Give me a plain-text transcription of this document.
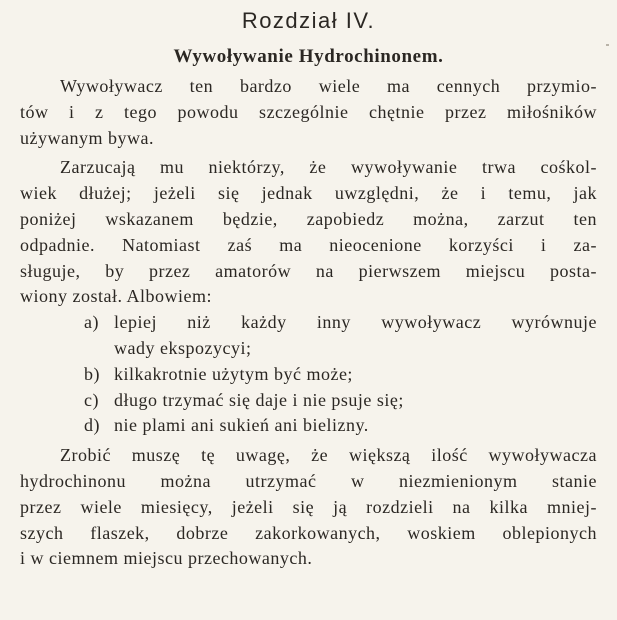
Rozdział IV.
Wywoływanie Hydrochinonem.

Wywoływacz ten bardzo wiele ma cennych przymio-
tów i z tego powodu szczególnie chętnie przez miłośników
używanym bywa.

Zarzucają mu niektórzy, że wywoływanie trwa cośkol-
wiek dłużej; jeżeli się jednak uwzględni, że i temu, jak
poniżej wskazanem będzie, zapobiedz można, zarzut ten
odpadnie. Natomiast zaś ma nieocenione korzyści i za-
sługuje, by przez amatorów na pierwszem miejscu posta-
wiony został. Albowiem:

a) lepiej niż każdy inny wywoływacz wyrównuje
wady ekspozycyi;
b) kilkakrotnie użytym być może;
c) długo trzymać się daje i nie psuje się;
d) nie plami ani sukień ani bielizny.

Zrobić muszę tę uwagę, że większą ilość wywoływacza
hydrochinonu można utrzymać w niezmienionym stanie
przez wiele miesięcy, jeżeli się ją rozdzieli na kilka mniej-
szych flaszek, dobrze zakorkowanych, woskiem oblepionych
i w ciemnem miejscu przechowanych.
